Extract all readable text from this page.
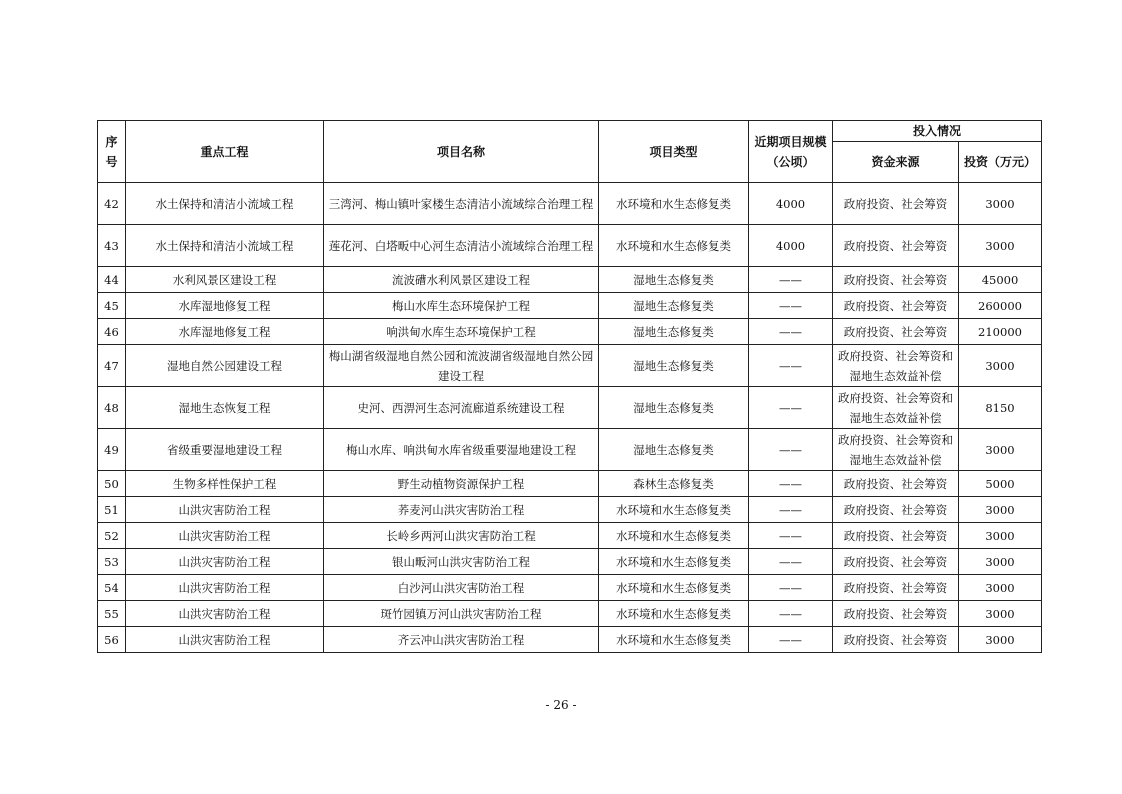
序号	重点工程	项目名称	项目类型	近期项目规模（公顷）	投入情况	
					资金来源	投资（万元）
42	水土保持和清洁小流域工程	三湾河、梅山镇叶家楼生态清洁小流域综合治理工程	水环境和水生态修复类	4000	政府投资、社会筹资	3000
43	水土保持和清洁小流域工程	莲花河、白塔畈中心河生态清洁小流域综合治理工程	水环境和水生态修复类	4000	政府投资、社会筹资	3000
44	水利风景区建设工程	流波𥕢水利风景区建设工程	湿地生态修复类	——	政府投资、社会筹资	45000
45	水库湿地修复工程	梅山水库生态环境保护工程	湿地生态修复类	——	政府投资、社会筹资	260000
46	水库湿地修复工程	响洪甸水库生态环境保护工程	湿地生态修复类	——	政府投资、社会筹资	210000
47	湿地自然公园建设工程	梅山湖省级湿地自然公园和流波湖省级湿地自然公园建设工程	湿地生态修复类	——	政府投资、社会筹资和湿地生态效益补偿	3000
48	湿地生态恢复工程	史河、西淠河生态河流廊道系统建设工程	湿地生态修复类	——	政府投资、社会筹资和湿地生态效益补偿	8150
49	省级重要湿地建设工程	梅山水库、响洪甸水库省级重要湿地建设工程	湿地生态修复类	——	政府投资、社会筹资和湿地生态效益补偿	3000
50	生物多样性保护工程	野生动植物资源保护工程	森林生态修复类	——	政府投资、社会筹资	5000
51	山洪灾害防治工程	荞麦河山洪灾害防治工程	水环境和水生态修复类	——	政府投资、社会筹资	3000
52	山洪灾害防治工程	长岭乡两河山洪灾害防治工程	水环境和水生态修复类	——	政府投资、社会筹资	3000
53	山洪灾害防治工程	银山畈河山洪灾害防治工程	水环境和水生态修复类	——	政府投资、社会筹资	3000
54	山洪灾害防治工程	白沙河山洪灾害防治工程	水环境和水生态修复类	——	政府投资、社会筹资	3000
55	山洪灾害防治工程	斑竹园镇万河山洪灾害防治工程	水环境和水生态修复类	——	政府投资、社会筹资	3000
56	山洪灾害防治工程	齐云冲山洪灾害防治工程	水环境和水生态修复类	——	政府投资、社会筹资	3000
- 26 -
